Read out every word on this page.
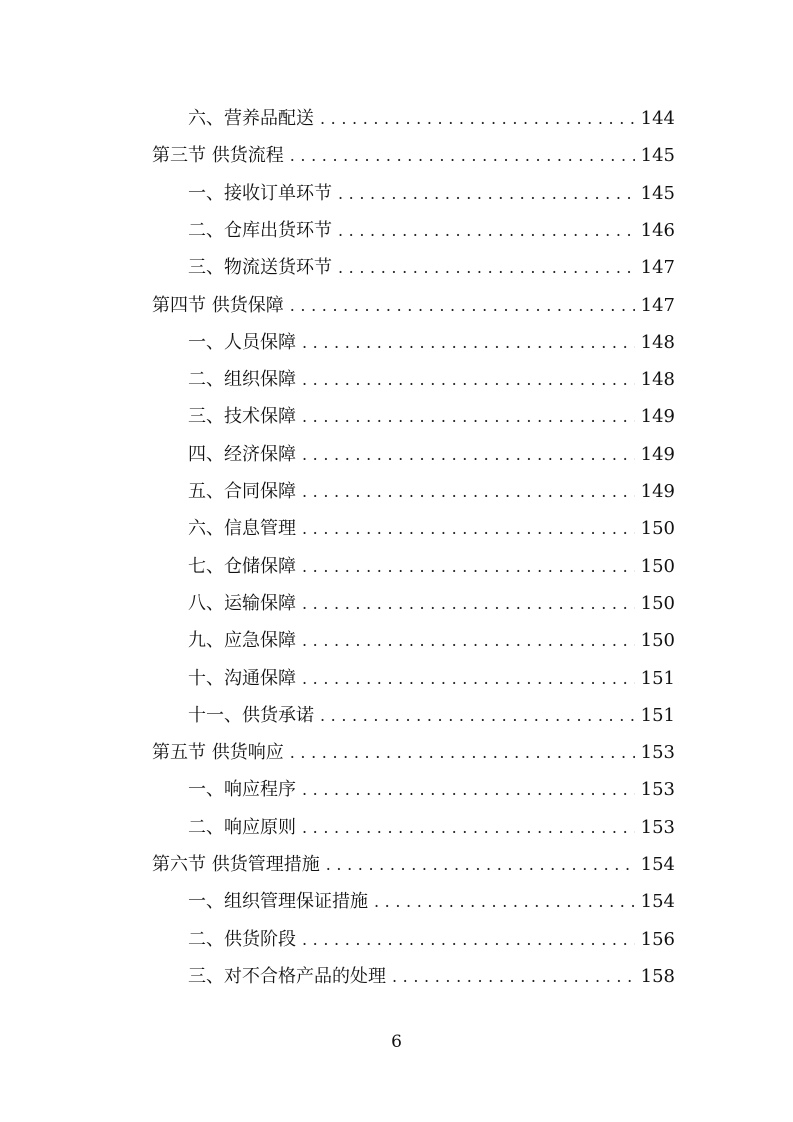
六、营养品配送 .....	144
第三节 供货流程 .....	145
一、接收订单环节 .....	145
二、仓库出货环节 .....	146
三、物流送货环节 .....	147
第四节 供货保障 .....	147
一、人员保障 .....	148
二、组织保障 .....	148
三、技术保障 .....	149
四、经济保障 .....	149
五、合同保障 .....	149
六、信息管理 .....	150
七、仓储保障 .....	150
八、运输保障 .....	150
九、应急保障 .....	150
十、沟通保障 .....	151
十一、供货承诺 .....	151
第五节 供货响应 .....	153
一、响应程序 .....	153
二、响应原则 .....	153
第六节 供货管理措施 .....	154
一、组织管理保证措施 .....	154
二、供货阶段 .....	156
三、对不合格产品的处理 .....	158
6
